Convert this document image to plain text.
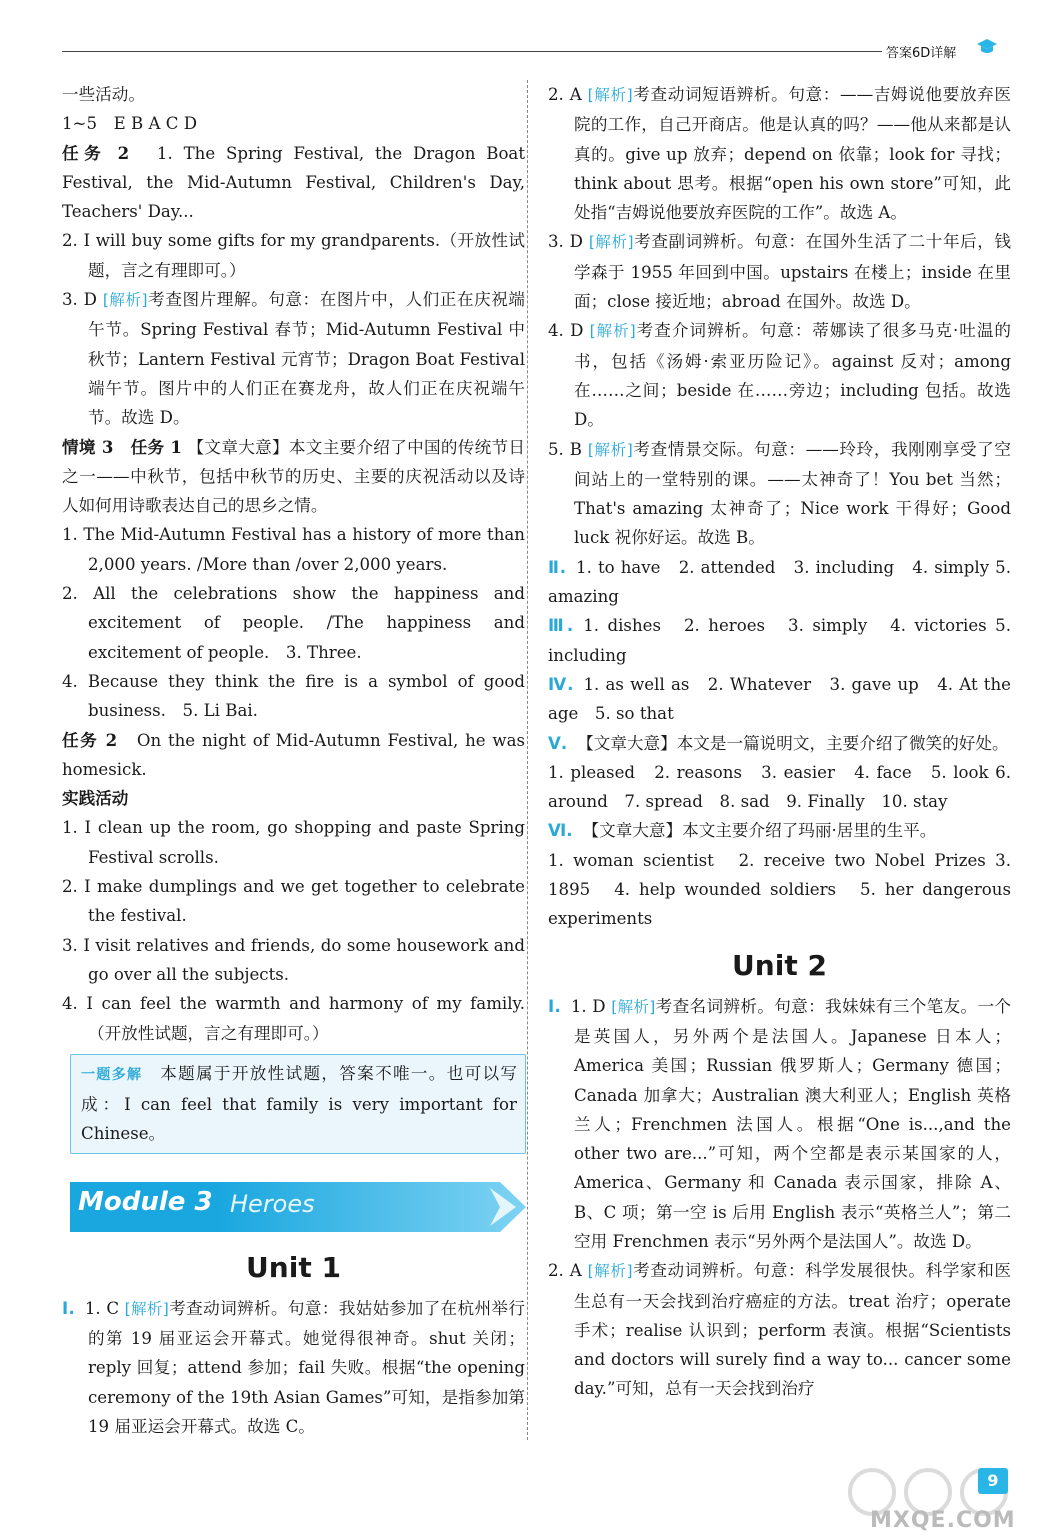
答案6D详解

一些活动。

1~5　E B A C D

任务 2　1. The Spring Festival, the Dragon Boat Festival, the Mid-Autumn Festival, Children's Day, Teachers' Day...

2. I will buy some gifts for my grandparents.（开放性试题，言之有理即可。）

3. D [解析]考查图片理解。句意：在图片中，人们正在庆祝端午节。Spring Festival 春节；Mid-Autumn Festival 中秋节；Lantern Festival 元宵节；Dragon Boat Festival 端午节。图片中的人们正在赛龙舟，故人们正在庆祝端午节。故选 D。

情境 3　任务 1 【文章大意】本文主要介绍了中国的传统节日之一——中秋节，包括中秋节的历史、主要的庆祝活动以及诗人如何用诗歌表达自己的思乡之情。

1. The Mid-Autumn Festival has a history of more than 2,000 years. /More than /over 2,000 years.

2. All the celebrations show the happiness and excitement of people. /The happiness and excitement of people.　3. Three.

4. Because they think the fire is a symbol of good business.　5. Li Bai.

任务 2　On the night of Mid-Autumn Festival, he was homesick.

实践活动

1. I clean up the room, go shopping and paste Spring Festival scrolls.

2. I make dumplings and we get together to celebrate the festival.

3. I visit relatives and friends, do some housework and go over all the subjects.

4. I can feel the warmth and harmony of my family.（开放性试题，言之有理即可。）

一题多解　 本题属于开放性试题，答案不唯一。也可以写成：I can feel that family is very important for Chinese。

Module 3 Heroes
Unit 1

Ⅰ. 1. C [解析]考查动词辨析。句意：我姑姑参加了在杭州举行的第 19 届亚运会开幕式。她觉得很神奇。shut 关闭；reply 回复；attend 参加；fail 失败。根据“the opening ceremony of the 19th Asian Games”可知，是指参加第 19 届亚运会开幕式。故选 C。

2. A [解析]考查动词短语辨析。句意：——吉姆说他要放弃医院的工作，自己开商店。他是认真的吗？——他从来都是认真的。give up 放弃；depend on 依靠；look for 寻找；think about 思考。根据“open his own store”可知，此处指“吉姆说他要放弃医院的工作”。故选 A。

3. D [解析]考查副词辨析。句意：在国外生活了二十年后，钱学森于 1955 年回到中国。upstairs 在楼上；inside 在里面；close 接近地；abroad 在国外。故选 D。

4. D [解析]考查介词辨析。句意：蒂娜读了很多马克·吐温的书，包括《汤姆·索亚历险记》。against 反对；among 在……之间；beside 在……旁边；including 包括。故选 D。

5. B [解析]考查情景交际。句意：——玲玲，我刚刚享受了空间站上的一堂特别的课。——太神奇了！You bet 当然；That's amazing 太神奇了；Nice work 干得好；Good luck 祝你好运。故选 B。

Ⅱ. 1. to have　2. attended　3. including　4. simply 5. amazing

Ⅲ. 1. dishes　2. heroes　3. simply　4. victories 5. including

Ⅳ. 1. as well as　2. Whatever　3. gave up　4. At the age　5. so that

Ⅴ. 【文章大意】本文是一篇说明文，主要介绍了微笑的好处。

1. pleased　2. reasons　3. easier　4. face　5. look 6. around　7. spread　8. sad　9. Finally　10. stay

Ⅵ. 【文章大意】本文主要介绍了玛丽·居里的生平。

1. woman scientist　2. receive two Nobel Prizes 3. 1895　4. help wounded soldiers　5. her dangerous experiments

Unit 2

Ⅰ. 1. D [解析]考查名词辨析。句意：我妹妹有三个笔友。一个是英国人，另外两个是法国人。Japanese 日本人；America 美国；Russian 俄罗斯人；Germany 德国；Canada 加拿大；Australian 澳大利亚人；English 英格兰人；Frenchmen 法国人。根据“One is...,and the other two are...”可知，两个空都是表示某国家的人，America、Germany 和 Canada 表示国家，排除 A、B、C 项；第一空 is 后用 English 表示“英格兰人”；第二空用 Frenchmen 表示“另外两个是法国人”。故选 D。

2. A [解析]考查动词辨析。句意：科学发展很快。科学家和医生总有一天会找到治疗癌症的方法。treat 治疗；operate 手术；realise 认识到；perform 表演。根据“Scientists and doctors will surely find a way to... cancer some day.”可知，总有一天会找到治疗

MXQE.COM
9
